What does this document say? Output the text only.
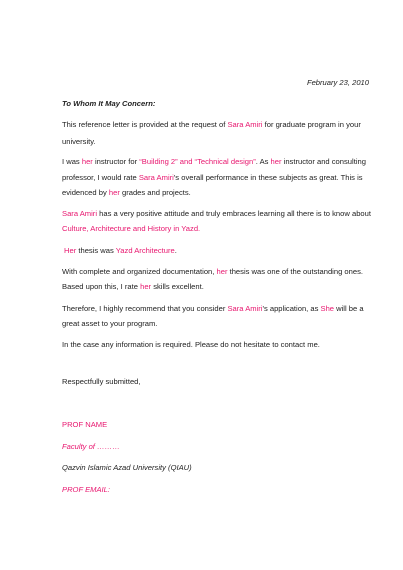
February 23, 2010
To Whom It May Concern:
This reference letter is provided at the request of Sara Amiri for graduate program in your
university.
I was her instructor for “Building 2” and “Technical design”. As her instructor and consulting
professor, I would rate Sara Amiri's overall performance in these subjects as great. This is
evidenced by her grades and projects.
Sara Amiri has a very positive attitude and truly embraces learning all there is to know about
Culture, Architecture and History in Yazd.
Her thesis was Yazd Architecture.
With complete and organized documentation, her thesis was one of the outstanding ones.
Based upon this, I rate her skills excellent.
Therefore, I highly recommend that you consider Sara Amiri's application, as She will be a
great asset to your program.
In the case any information is required. Please do not hesitate to contact me.
Respectfully submitted,
PROF NAME
Faculty of ………
Qazvin Islamic Azad University (QIAU)
PROF EMAIL:
